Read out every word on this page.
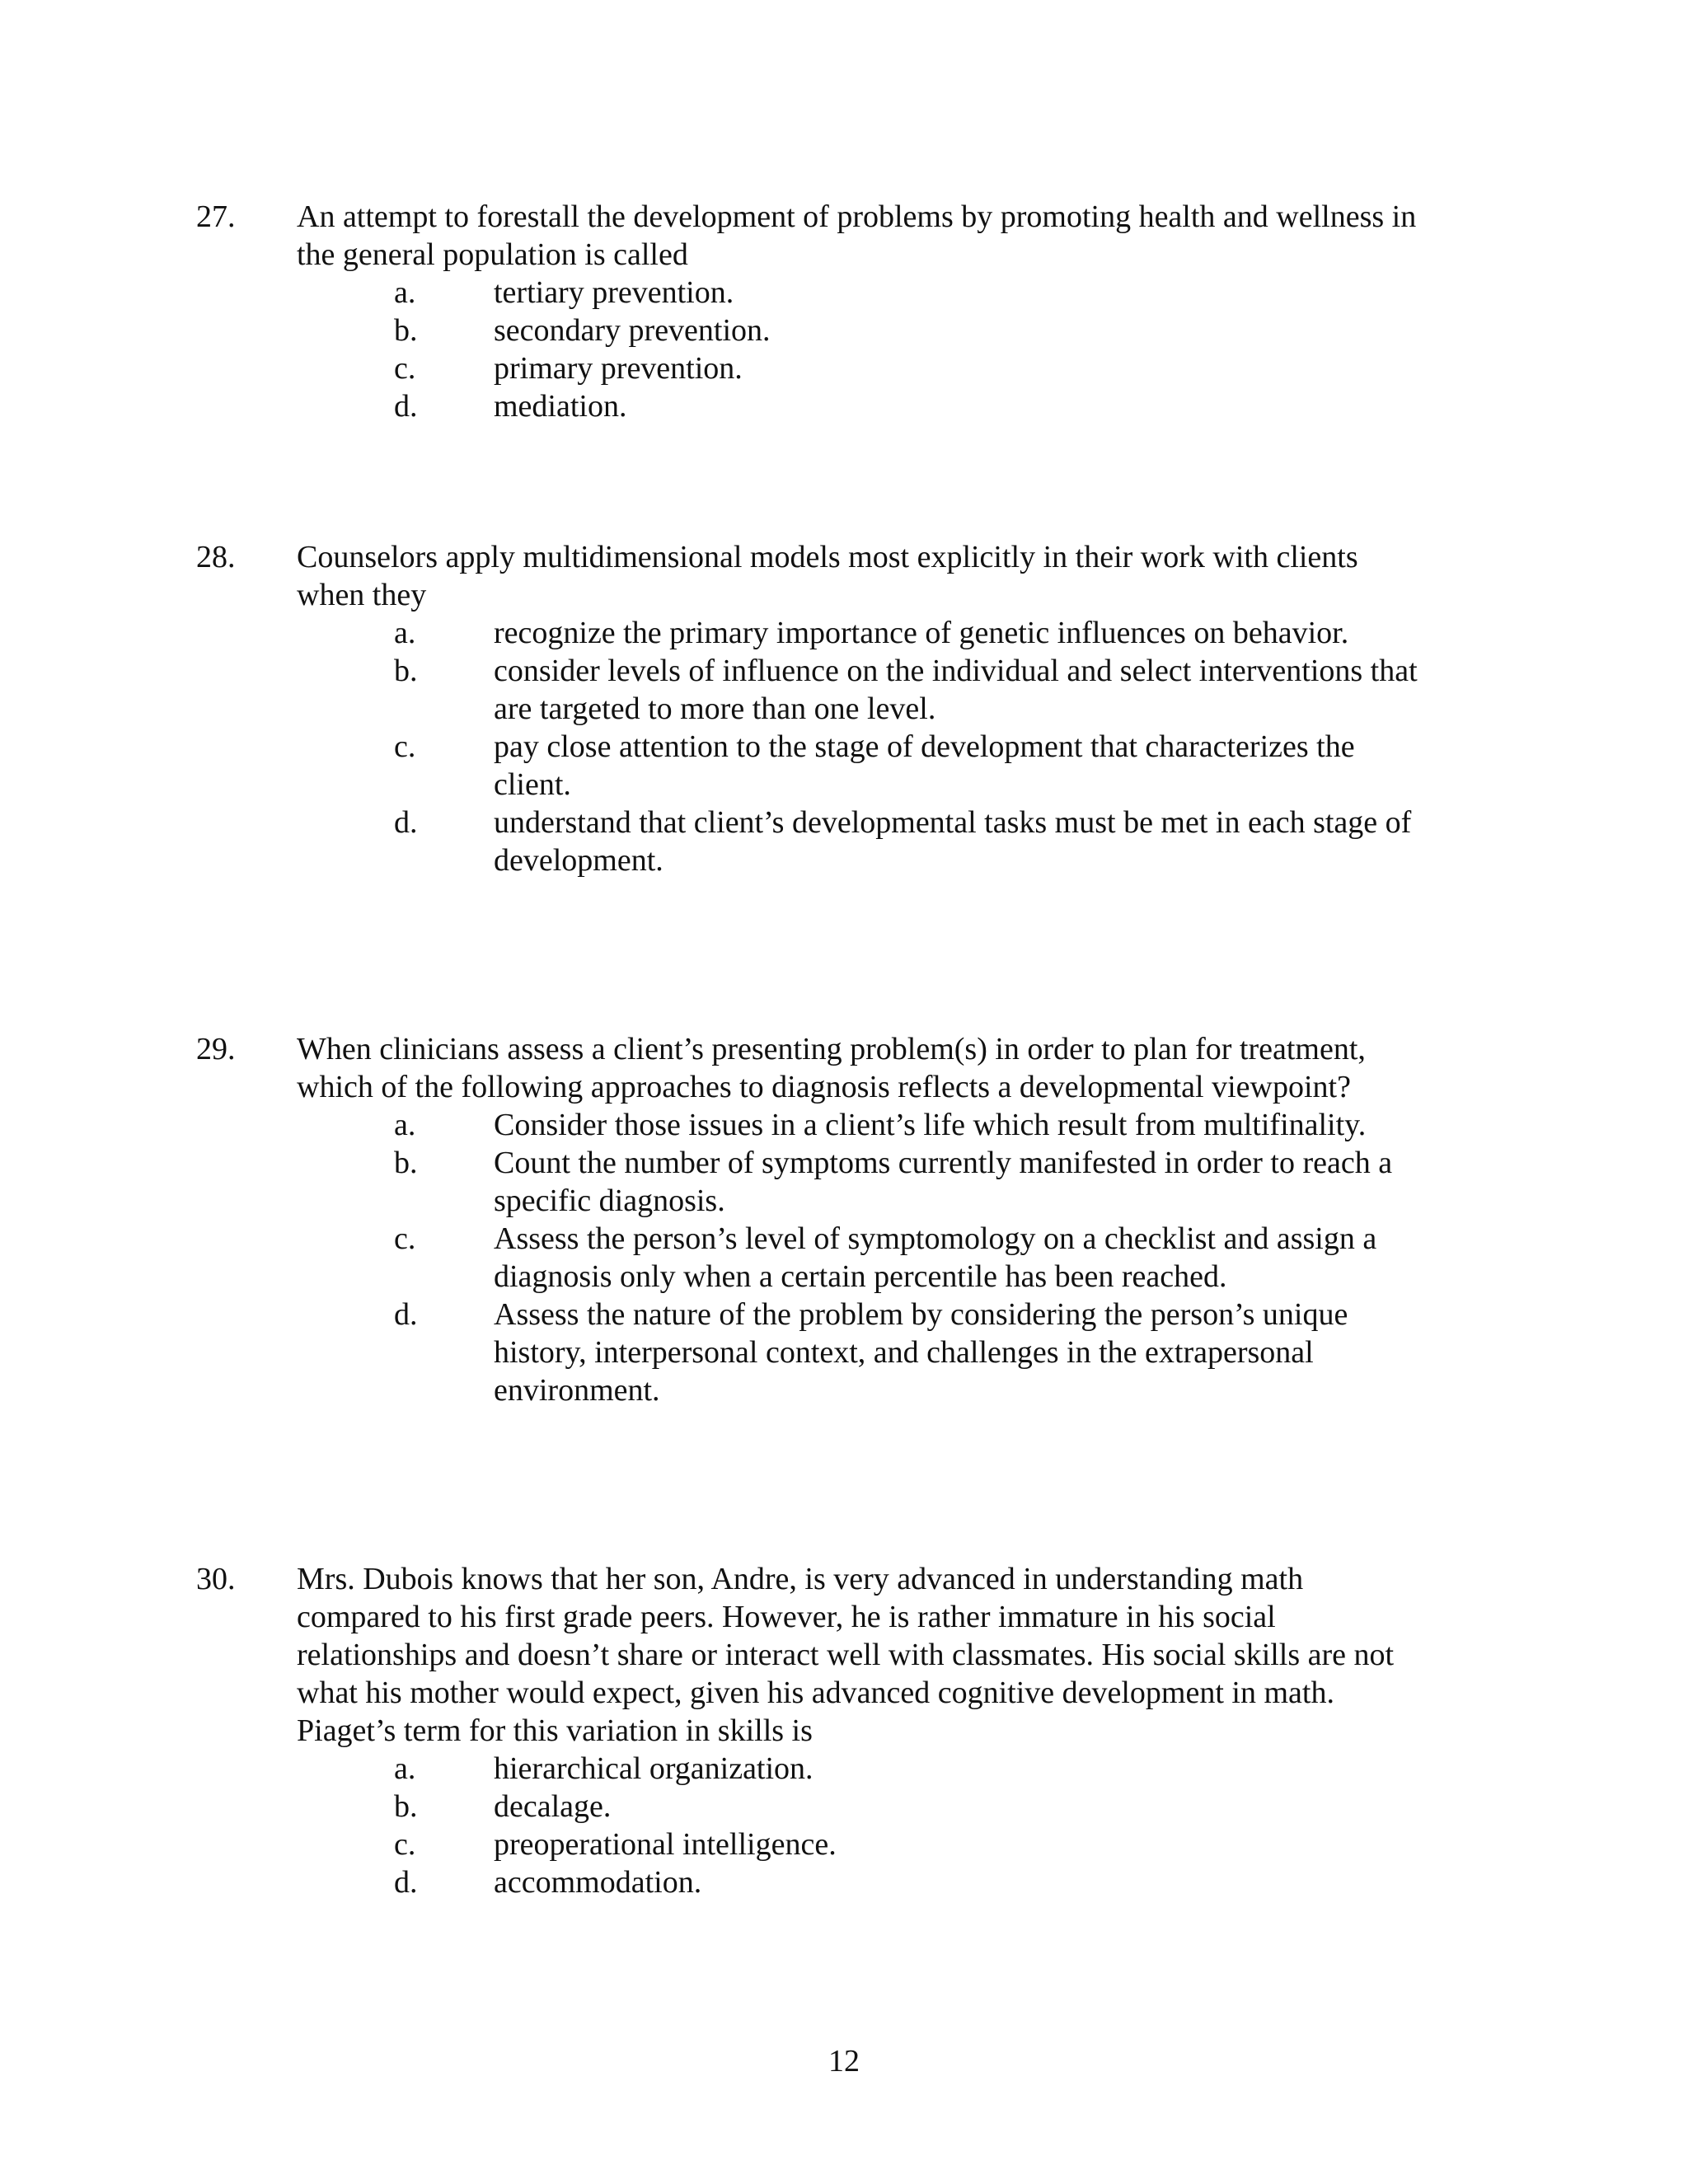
27.	An attempt to forestall the development of problems by promoting health and wellness in
the general population is called
a. tertiary prevention.
b. secondary prevention.
c. primary prevention.
d. mediation.
28.	Counselors apply multidimensional models most explicitly in their work with clients
when they
a. recognize the primary importance of genetic influences on behavior.
b. consider levels of influence on the individual and select interventions that
are targeted to more than one level.
c. pay close attention to the stage of development that characterizes the
client.
d. understand that client’s developmental tasks must be met in each stage of
development.
29.	When clinicians assess a client’s presenting problem(s) in order to plan for treatment,
which of the following approaches to diagnosis reflects a developmental viewpoint?
a. Consider those issues in a client’s life which result from multifinality.
b. Count the number of symptoms currently manifested in order to reach a
specific diagnosis.
c. Assess the person’s level of symptomology on a checklist and assign a
diagnosis only when a certain percentile has been reached.
d. Assess the nature of the problem by considering the person’s unique
history, interpersonal context, and challenges in the extrapersonal
environment.
30.	Mrs. Dubois knows that her son, Andre, is very advanced in understanding math
compared to his first grade peers. However, he is rather immature in his social
relationships and doesn’t share or interact well with classmates. His social skills are not
what his mother would expect, given his advanced cognitive development in math.
Piaget’s term for this variation in skills is
a. hierarchical organization.
b. decalage.
c. preoperational intelligence.
d. accommodation.
12
